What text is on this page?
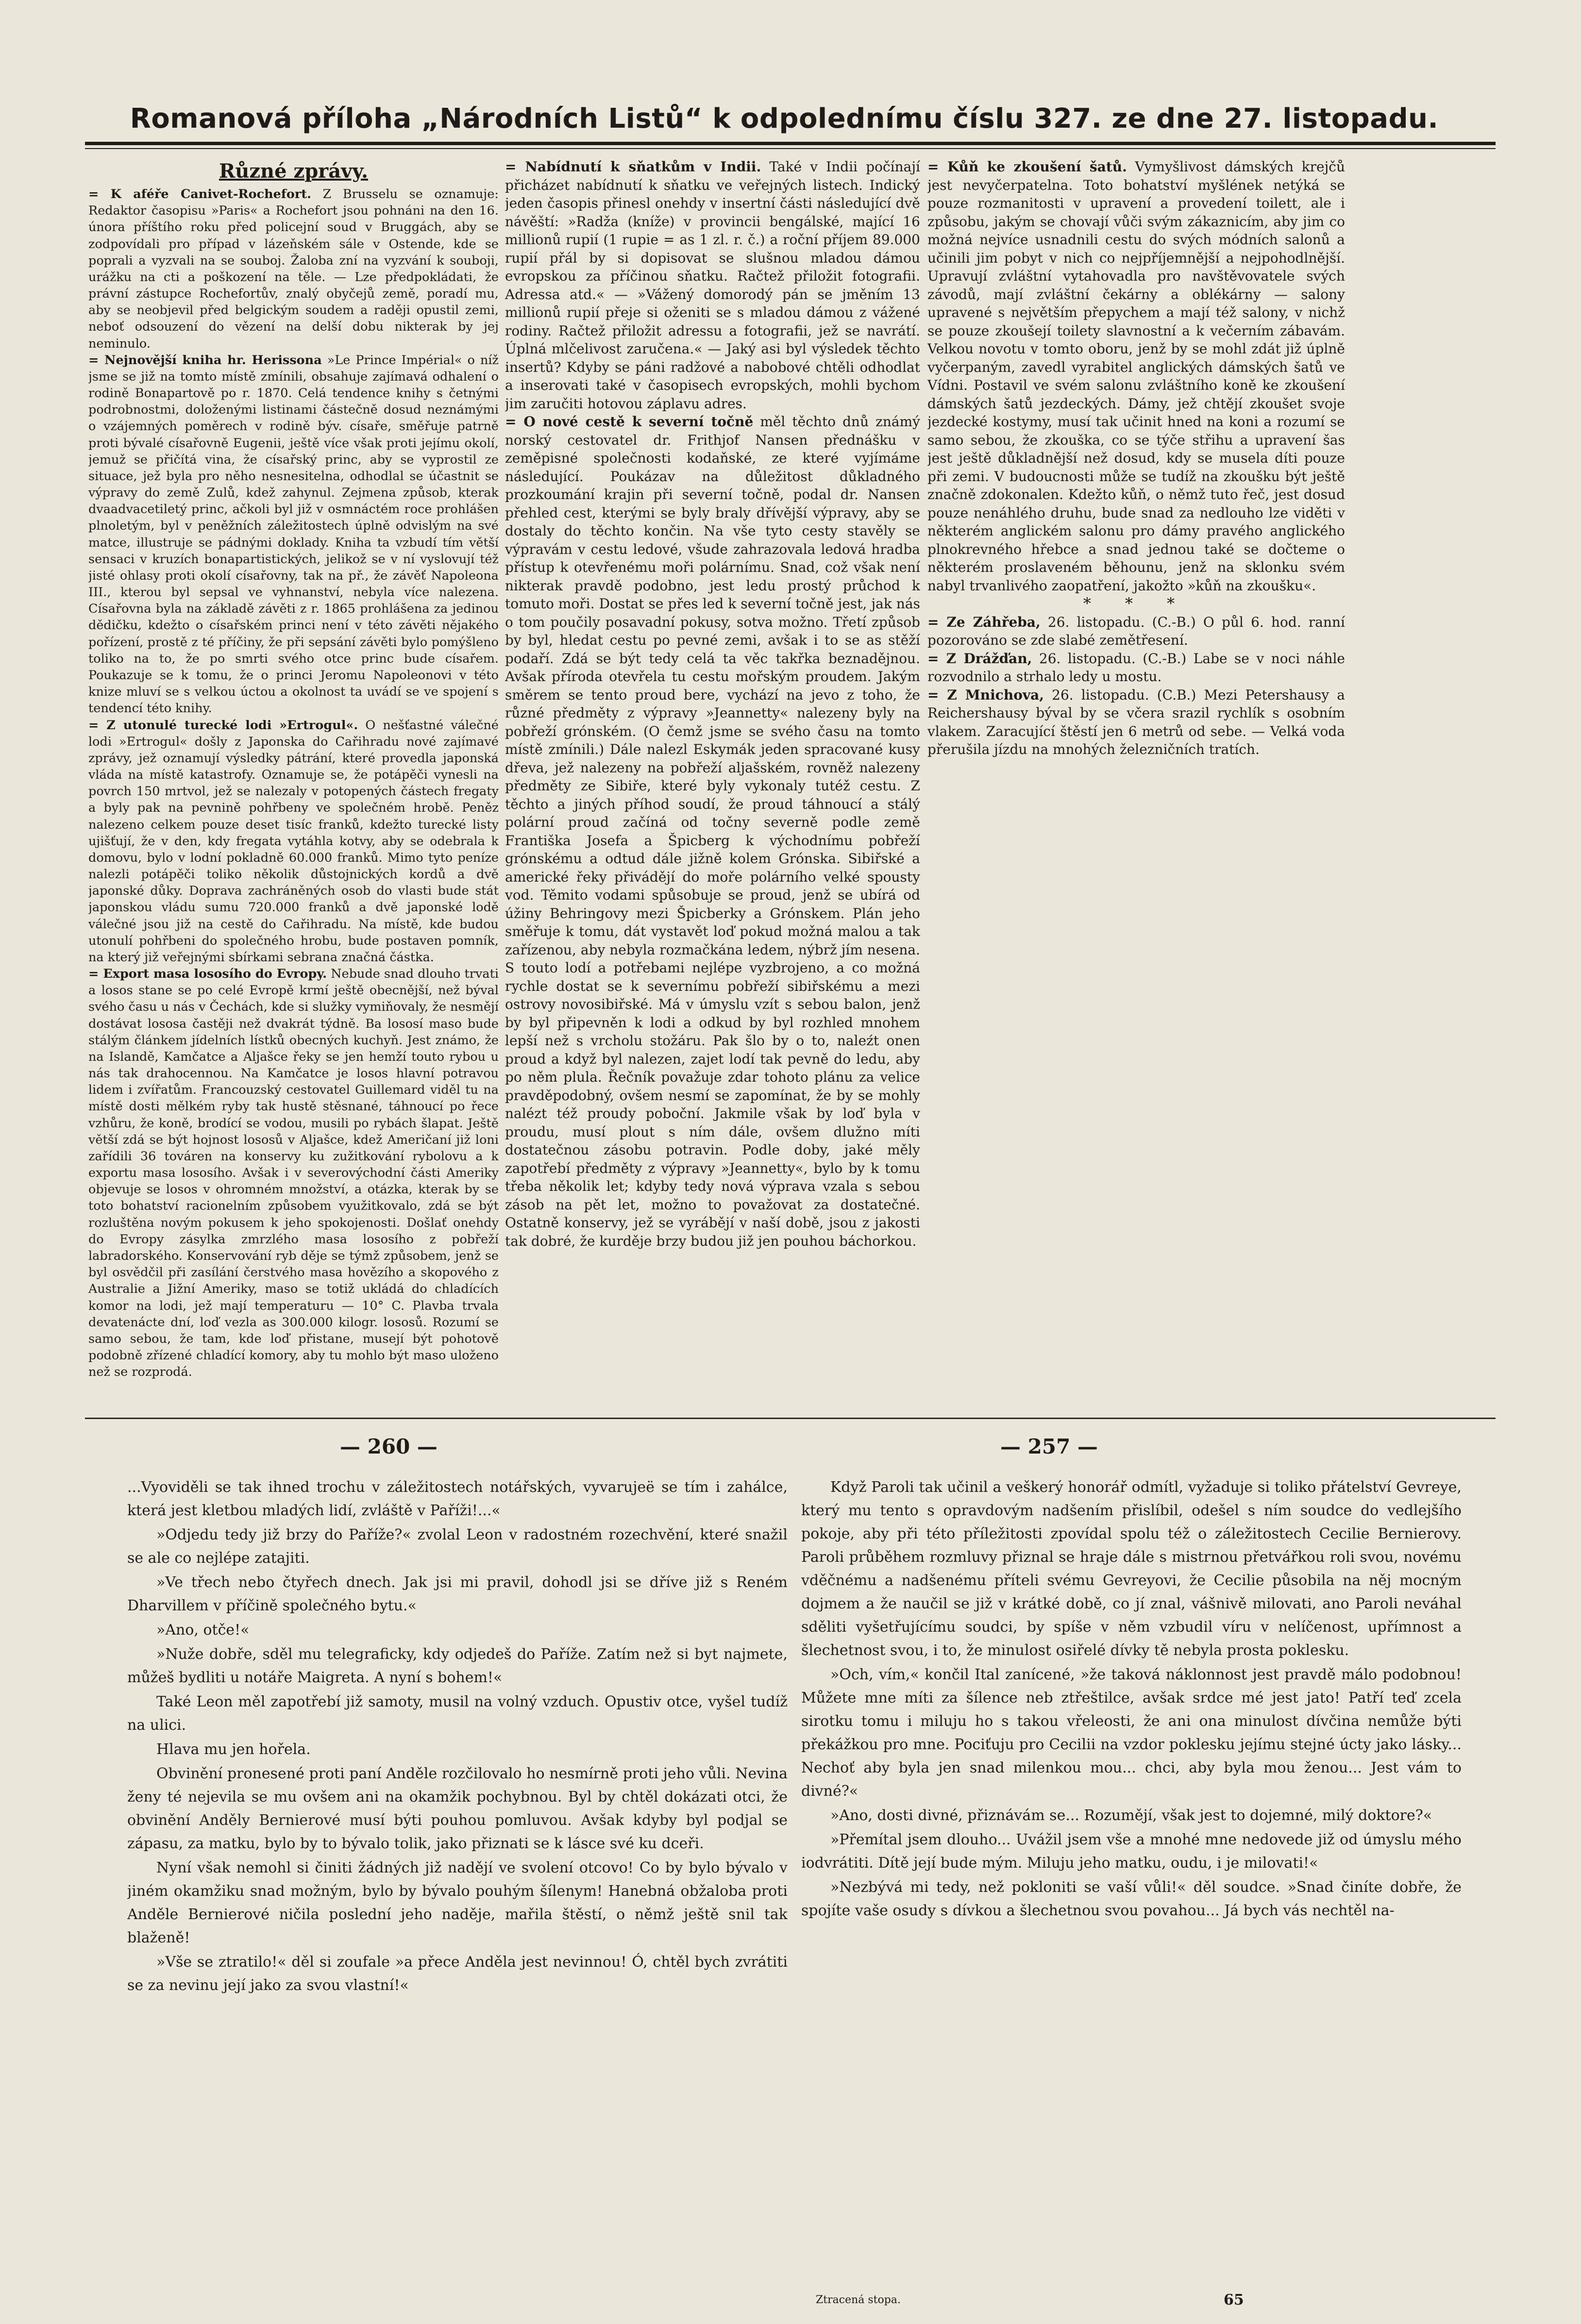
Romanová příloha „Národních Listů“ k odpolednímu číslu 327. ze dne 27. listopadu.
Různé zprávy.

= K aféře Canivet-Rochefort. Z Brusselu se oznamuje: Redaktor časopisu »Paris« a Rochefort jsou pohnáni na den 16. února příštího roku před policejní soud v Bruggách, aby se zodpovídali pro případ v lázeňském sále v Ostende, kde se poprali a vyzvali na se souboj. Žaloba zní na vyzvání k souboji, urážku na cti a poškození na těle. — Lze předpokládati, že právní zástupce Rochefortův, znalý obyčejů země, poradí mu, aby se neobjevil před belgickým soudem a raději opustil zemi, neboť odsouzení do vězení na delší dobu nikterak by jej neminulo.

= Nejnovější kniha hr. Herissona »Le Prince Impérial« o níž jsme se již na tomto místě zmínili, obsahuje zajímavá odhalení o rodině Bonapartově po r. 1870. Celá tendence knihy s četnými podrobnostmi, doloženými listinami částečně dosud neznámými o vzájemných poměrech v rodině býv. císaře, směřuje patrně proti bývalé císařovně Eugenii, ještě více však proti jejímu okolí, jemuž se přičítá vina, že císařský princ, aby se vyprostil ze situace, jež byla pro něho nesnesitelna, odhodlal se účastnit se výpravy do země Zulů, kdež zahynul. Zejmena způsob, kterak dvaadvacetiletý princ, ačkoli byl již v osmnáctém roce prohlášen plnoletým, byl v peněžních záležitostech úplně odvislým na své matce, illustruje se pádnými doklady. Kniha ta vzbudí tím větší sensaci v kruzích bonapartistických, jelikož se v ní vyslovují též jisté ohlasy proti okolí císařovny, tak na př., že závěť Napoleona III., kterou byl sepsal ve vyhnanství, nebyla více nalezena. Císařovna byla na základě závěti z r. 1865 prohlášena za jedinou dědičku, kdežto o císařském princi není v této závěti nějakého pořízení, prostě z té příčiny, že při sepsání závěti bylo pomýšleno toliko na to, že po smrti svého otce princ bude císařem. Poukazuje se k tomu, že o princi Jeromu Napoleonovi v této knize mluví se s velkou úctou a okolnost ta uvádí se ve spojení s tendencí této knihy.

= Z utonulé turecké lodi »Ertrogul«. O nešťastné válečné lodi »Ertrogul« došly z Japonska do Cařihradu nové zajímavé zprávy, jež oznamují výsledky pátrání, které provedla japonská vláda na místě katastrofy. Oznamuje se, že potápěči vynesli na povrch 150 mrtvol, jež se nalezaly v potopených částech fregaty a byly pak na pevnině pohřbeny ve společném hrobě. Peněz nalezeno celkem pouze deset tisíc franků, kdežto turecké listy ujišťují, že v den, kdy fregata vytáhla kotvy, aby se odebrala k domovu, bylo v lodní pokladně 60.000 franků. Mimo tyto peníze nalezli potápěči toliko několik důstojnických kordů a dvě japonské důky. Doprava zachráněných osob do vlasti bude stát japonskou vládu sumu 720.000 franků a dvě japonské lodě válečné jsou již na cestě do Cařihradu. Na místě, kde budou utonulí pohřbeni do společného hrobu, bude postaven pomník, na který již veřejnými sbírkami sebrana značná částka.

= Export masa lososího do Evropy. Nebude snad dlouho trvati a losos stane se po celé Evropě krmí ještě obecnější, než býval svého času u nás v Čechách, kde si služky vymiňovaly, že nesmějí dostávat lososa častěji než dvakrát týdně. Ba lososí maso bude stálým článkem jídelních lístků obecných kuchyň. Jest známo, že na Islandě, Kamčatce a Aljašce řeky se jen hemží touto rybou u nás tak drahocennou. Na Kamčatce je losos hlavní potravou lidem i zvířatům. Francouzský cestovatel Guillemard viděl tu na místě dosti mělkém ryby tak hustě stěsnané, táhnoucí po řece vzhůru, že koně, brodící se vodou, musili po rybách šlapat. Ještě větší zdá se být hojnost lososů v Aljašce, kdež Američaní již loni zařídili 36 továren na konservy ku zužitkování rybolovu a k exportu masa lososího. Avšak i v severovýchodní části Ameriky objevuje se losos v ohromném množství, a otázka, kterak by se toto bohatství racionelním způsobem využitkovalo, zdá se být rozluštěna novým pokusem k jeho spokojenosti. Došlať onehdy do Evropy zásylka zmrzlého masa lososího z pobřeží labradorského. Konservování ryb děje se týmž způsobem, jenž se byl osvědčil při zasílání čerstvého masa hovězího a skopového z Australie a Jižní Ameriky, maso se totiž ukládá do chladících komor na lodi, jež mají temperaturu — 10° C. Plavba trvala devatenácte dní, loď vezla as 300.000 kilogr. lososů. Rozumí se samo sebou, že tam, kde loď přistane, musejí být pohotově podobně zřízené chladící komory, aby tu mohlo být maso uloženo než se rozprodá.

= Nabídnutí k sňatkům v Indii. Také v Indii počínají přicházet nabídnutí k sňatku ve veřejných listech. Indický jeden časopis přinesl onehdy v insertní části následující dvě návěští: »Radža (kníže) v provincii bengálské, mající 16 millionů rupií (1 rupie = as 1 zl. r. č.) a roční příjem 89.000 rupií přál by si dopisovat se slušnou mladou dámou evropskou za příčinou sňatku. Račtež přiložit fotografii. Adressa atd.« — »Vážený domorodý pán se jměním 13 millionů rupií přeje si oženiti se s mladou dámou z vážené rodiny. Račtež přiložit adressu a fotografii, jež se navrátí. Úplná mlčelivost zaručena.« — Jaký asi byl výsledek těchto insertů? Kdyby se páni radžové a nabobové chtěli odhodlat a inserovati také v časopisech evropských, mohli bychom jim zaručiti hotovou záplavu adres.

= O nové cestě k severní točně měl těchto dnů známý norský cestovatel dr. Frithjof Nansen přednášku v zeměpisné společnosti kodaňské, ze které vyjímáme následující. Poukázav na důležitost důkladného prozkoumání krajin při severní točně, podal dr. Nansen přehled cest, kterými se byly braly dřívější výpravy, aby se dostaly do těchto končin. Na vše tyto cesty stavěly se výpravám v cestu ledové, všude zahrazovala ledová hradba přístup k otevřenému moři polárnímu. Snad, což však není nikterak pravdě podobno, jest ledu prostý průchod k tomuto moři. Dostat se přes led k severní točně jest, jak nás o tom poučily posavadní pokusy, sotva možno. Třetí způsob by byl, hledat cestu po pevné zemi, avšak i to se as stěží podaří. Zdá se být tedy celá ta věc takřka beznadějnou. Avšak příroda otevřela tu cestu mořským proudem. Jakým směrem se tento proud bere, vychází na jevo z toho, že různé předměty z výpravy »Jeannetty« nalezeny byly na pobřeží grónském. (O čemž jsme se svého času na tomto místě zmínili.) Dále nalezl Eskymák jeden spracované kusy dřeva, jež nalezeny na pobřeží aljašském, rovněž nalezeny předměty ze Sibiře, které byly vykonaly tutéž cestu. Z těchto a jiných příhod soudí, že proud táhnoucí a stálý polární proud začíná od točny severně podle země Františka Josefa a Špicberg k východnímu pobřeží grónskému a odtud dále jižně kolem Grónska. Sibiřské a americké řeky přivádějí do moře polárního velké spousty vod. Těmito vodami spůsobuje se proud, jenž se ubírá od úžiny Behringovy mezi Špicberky a Grónskem. Plán jeho směřuje k tomu, dát vystavět loď pokud možná malou a tak zařízenou, aby nebyla rozmačkána ledem, nýbrž jím nesena. S touto lodí a potřebami nejlépe vyzbrojeno, a co možná rychle dostat se k severnímu pobřeží sibiřskému a mezi ostrovy novosibiřské. Má v úmyslu vzít s sebou balon, jenž by byl připevněn k lodi a odkud by byl rozhled mnohem lepší než s vrcholu stožáru. Pak šlo by o to, naleźt onen proud a když byl nalezen, zajet lodí tak pevně do ledu, aby po něm plula. Řečník považuje zdar tohoto plánu za velice pravděpodobný, ovšem nesmí se zapomínat, že by se mohly nalézt též proudy poboční. Jakmile však by loď byla v proudu, musí plout s ním dále, ovšem dlužno míti dostatečnou zásobu potravin. Podle doby, jaké měly zapotřebí předměty z výpravy »Jeannetty«, bylo by k tomu třeba několik let; kdyby tedy nová výprava vzala s sebou zásob na pět let, možno to považovat za dostatečné. Ostatně konservy, jež se vyrábějí v naší době, jsou z jakosti tak dobré, že kurděje brzy budou již jen pouhou báchorkou.

= Kůň ke zkoušení šatů. Vymyšlivost dámských krejčů jest nevyčerpatelna. Toto bohatství myšlének netýká se pouze rozmanitosti v upravení a provedení toilett, ale i způsobu, jakým se chovají vůči svým zákaznicím, aby jim co možná nejvíce usnadnili cestu do svých módních salonů a učinili jim pobyt v nich co nejpříjemnější a nejpohodlnější. Upravují zvláštní vytahovadla pro navštěvovatele svých závodů, mají zvláštní čekárny a oblékárny — salony upravené s největším přepychem a mají též salony, v nichž se pouze zkoušejí toilety slavnostní a k večerním zábavám. Velkou novotu v tomto oboru, jenž by se mohl zdát již úplně vyčerpaným, zavedl vyrabitel anglických dámských šatů ve Vídni. Postavil ve svém salonu zvláštního koně ke zkoušení dámských šatů jezdeckých. Dámy, jež chtějí zkoušet svoje jezdecké kostymy, musí tak učinit hned na koni a rozumí se samo sebou, že zkouška, co se týče střihu a upravení šas jest ještě důkladnější než dosud, kdy se musela díti pouze při zemi. V budoucnosti může se tudíž na zkoušku být ještě značně zdokonalen. Kdežto kůň, o němž tuto řeč, jest dosud pouze nenáhlého druhu, bude snad za nedlouho lze viděti v některém anglickém salonu pro dámy pravého anglického plnokrevného hřebce a snad jednou také se dočteme o některém proslaveném běhounu, jenž na sklonku svém nabyl trvanlivého zaopatření, jakožto »kůň na zkoušku«.

* * *

= Ze Záhřeba, 26. listopadu. (C.-B.) O půl 6. hod. ranní pozorováno se zde slabé zemětřesení.

= Z Drážďan, 26. listopadu. (C.-B.) Labe se v noci náhle rozvodnilo a strhalo ledy u mostu.

= Z Mnichova, 26. listopadu. (C.B.) Mezi Petershausy a Reichershausy býval by se včera srazil rychlík s osobním vlakem. Zaracující štěstí jen 6 metrů od sebe. — Velká voda přerušila jízdu na mnohých železničních tratích.

— 260 —	— 257 —

...Vyoviděli se tak ihned trochu v záležitostech notářských, vyvarujeë se tím i zahálce, která jest kletbou mladých lidí, zvláště v Paříži!...«

»Odjedu tedy již brzy do Paříže?« zvolal Leon v radostném rozechvění, které snažil se ale co nejlépe zatajiti.

»Ve třech nebo čtyřech dnech. Jak jsi mi pravil, dohodl jsi se dříve již s Reném Dharvillem v příčině společného bytu.«

»Ano, otče!«

»Nuže dobře, sděl mu telegraficky, kdy odjedeš do Paříže. Zatím než si byt najmete, můžeš bydliti u notáře Maigreta. A nyní s bohem!«

Také Leon měl zapotřebí již samoty, musil na volný vzduch. Opustiv otce, vyšel tudíž na ulici.

Hlava mu jen hořela.

Obvinění pronesené proti paní Anděle rozčilovalo ho nesmírně proti jeho vůli. Nevina ženy té nejevila se mu ovšem ani na okamžik pochybnou. Byl by chtěl dokázati otci, že obvinění Anděly Bernierové musí býti pouhou pomluvou. Avšak kdyby byl podjal se zápasu, za matku, bylo by to bývalo tolik, jako přiznati se k lásce své ku dceři.

Nyní však nemohl si činiti žádných již nadějí ve svolení otcovo! Co by bylo bývalo v jiném okamžiku snad možným, bylo by bývalo pouhým šílenym! Hanebná obžaloba proti Anděle Bernierové ničila poslední jeho naděje, mařila štěstí, o němž ještě snil tak blaženě!

»Vše se ztratilo!« děl si zoufale »a přece Anděla jest nevinnou! Ó, chtěl bych zvrátiti se za nevinu její jako za svou vlastní!«

Když Paroli tak učinil a veškerý honorář odmítl, vyžaduje si toliko přátelství Gevreye, který mu tento s opravdovým nadšením přislíbil, odešel s ním soudce do vedlejšího pokoje, aby při této příležitosti zpovídal spolu též o záležitostech Cecilie Bernierovy. Paroli průběhem rozmluvy přiznal se hraje dále s mistrnou přetvářkou roli svou, novému vděčnému a nadšenému příteli svému Gevreyovi, že Cecilie působila na něj mocným dojmem a že naučil se již v krátké době, co jí znal, vášnivě milovati, ano Paroli neváhal sděliti vyšetřujícímu soudci, by spíše v něm vzbudil víru v nelíčenost, upřímnost a šlechetnost svou, i to, že minulost osiřelé dívky tě nebyla prosta poklesku.

»Och, vím,« končil Ital zanícené, »že taková náklonnost jest pravdě málo podobnou! Můžete mne míti za šílence neb ztřeštilce, avšak srdce mé jest jato! Patří teď zcela sirotku tomu i miluju ho s takou vřeleosti, že ani ona minulost dívčina nemůže býti překážkou pro mne. Pociťuju pro Cecilii na vzdor poklesku jejímu stejné úcty jako lásky... Nechoť aby byla jen snad milenkou mou... chci, aby byla mou ženou... Jest vám to divné?«

»Ano, dosti divné, přiznávám se... Rozumějí, však jest to dojemné, milý doktore?«

»Přemítal jsem dlouho... Uvážil jsem vše a mnohé mne nedovede již od úmyslu mého iodvrátiti. Dítě její bude mým. Miluju jeho matku, oudu, i je milovati!«

»Nezbývá mi tedy, než pokloniti se vaší vůli!« děl soudce. »Snad činíte dobře, že spojíte vaše osudy s dívkou a šlechetnou svou povahou... Já bych vás nechtěl na-

Ztracená stopa.	65
